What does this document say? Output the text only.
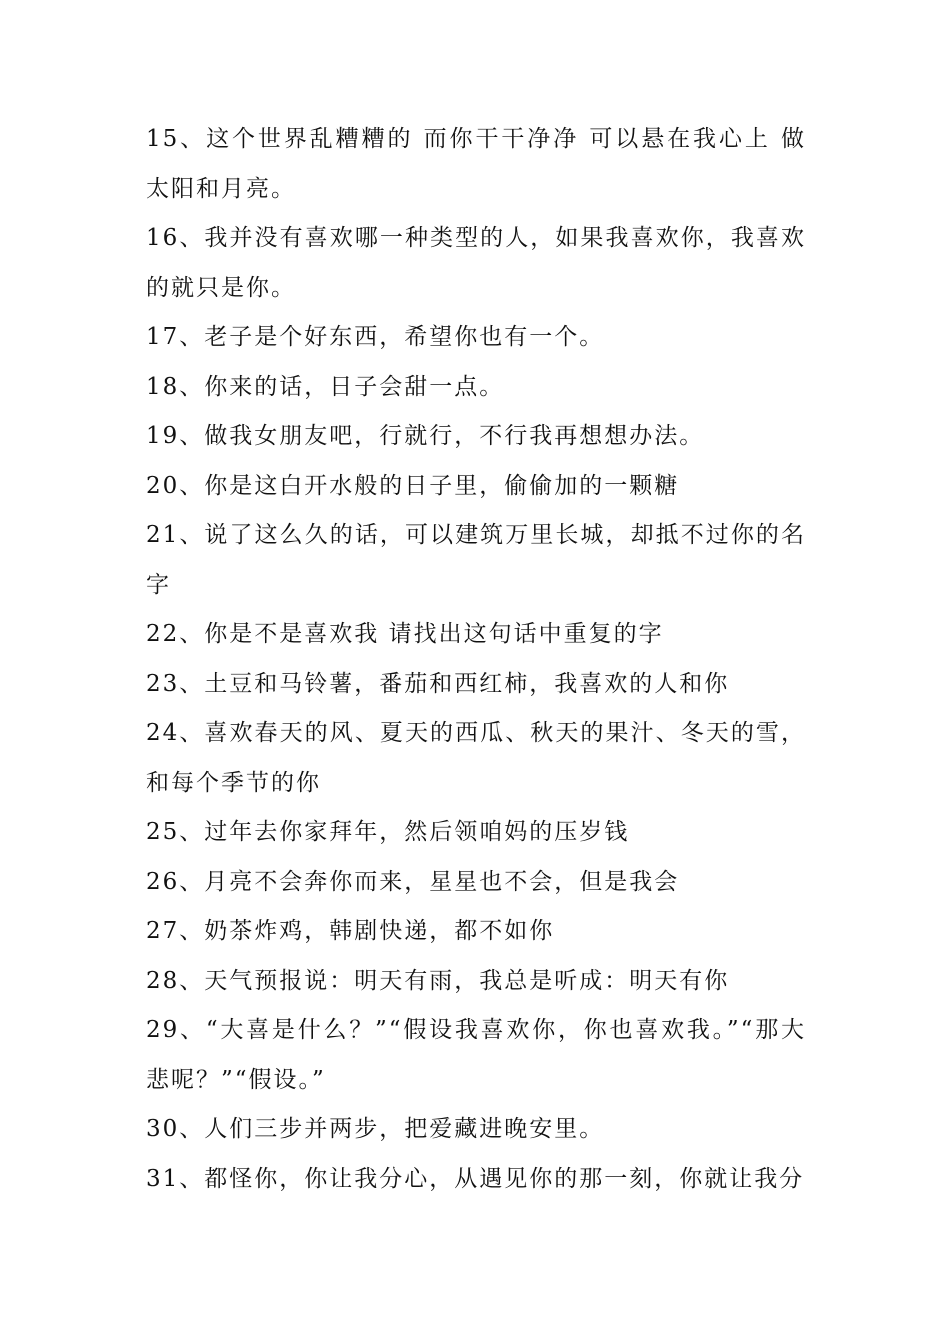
15、这个世界乱糟糟的 而你干干净净 可以悬在我心上 做太阳和月亮。

16、我并没有喜欢哪一种类型的人，如果我喜欢你，我喜欢的就只是你。

17、老子是个好东西，希望你也有一个。

18、你来的话，日子会甜一点。

19、做我女朋友吧，行就行，不行我再想想办法。

20、你是这白开水般的日子里，偷偷加的一颗糖

21、说了这么久的话，可以建筑万里长城，却抵不过你的名字

22、你是不是喜欢我 请找出这句话中重复的字

23、土豆和马铃薯，番茄和西红柿，我喜欢的人和你

24、喜欢春天的风、夏天的西瓜、秋天的果汁、冬天的雪，和每个季节的你

25、过年去你家拜年，然后领咱妈的压岁钱

26、月亮不会奔你而来，星星也不会，但是我会

27、奶茶炸鸡，韩剧快递，都不如你

28、天气预报说：明天有雨，我总是听成：明天有你

29、“大喜是什么？”“假设我喜欢你，你也喜欢我。”“那大悲呢？”“假设。”

30、人们三步并两步，把爱藏进晚安里。

31、都怪你，你让我分心，从遇见你的那一刻，你就让我分
